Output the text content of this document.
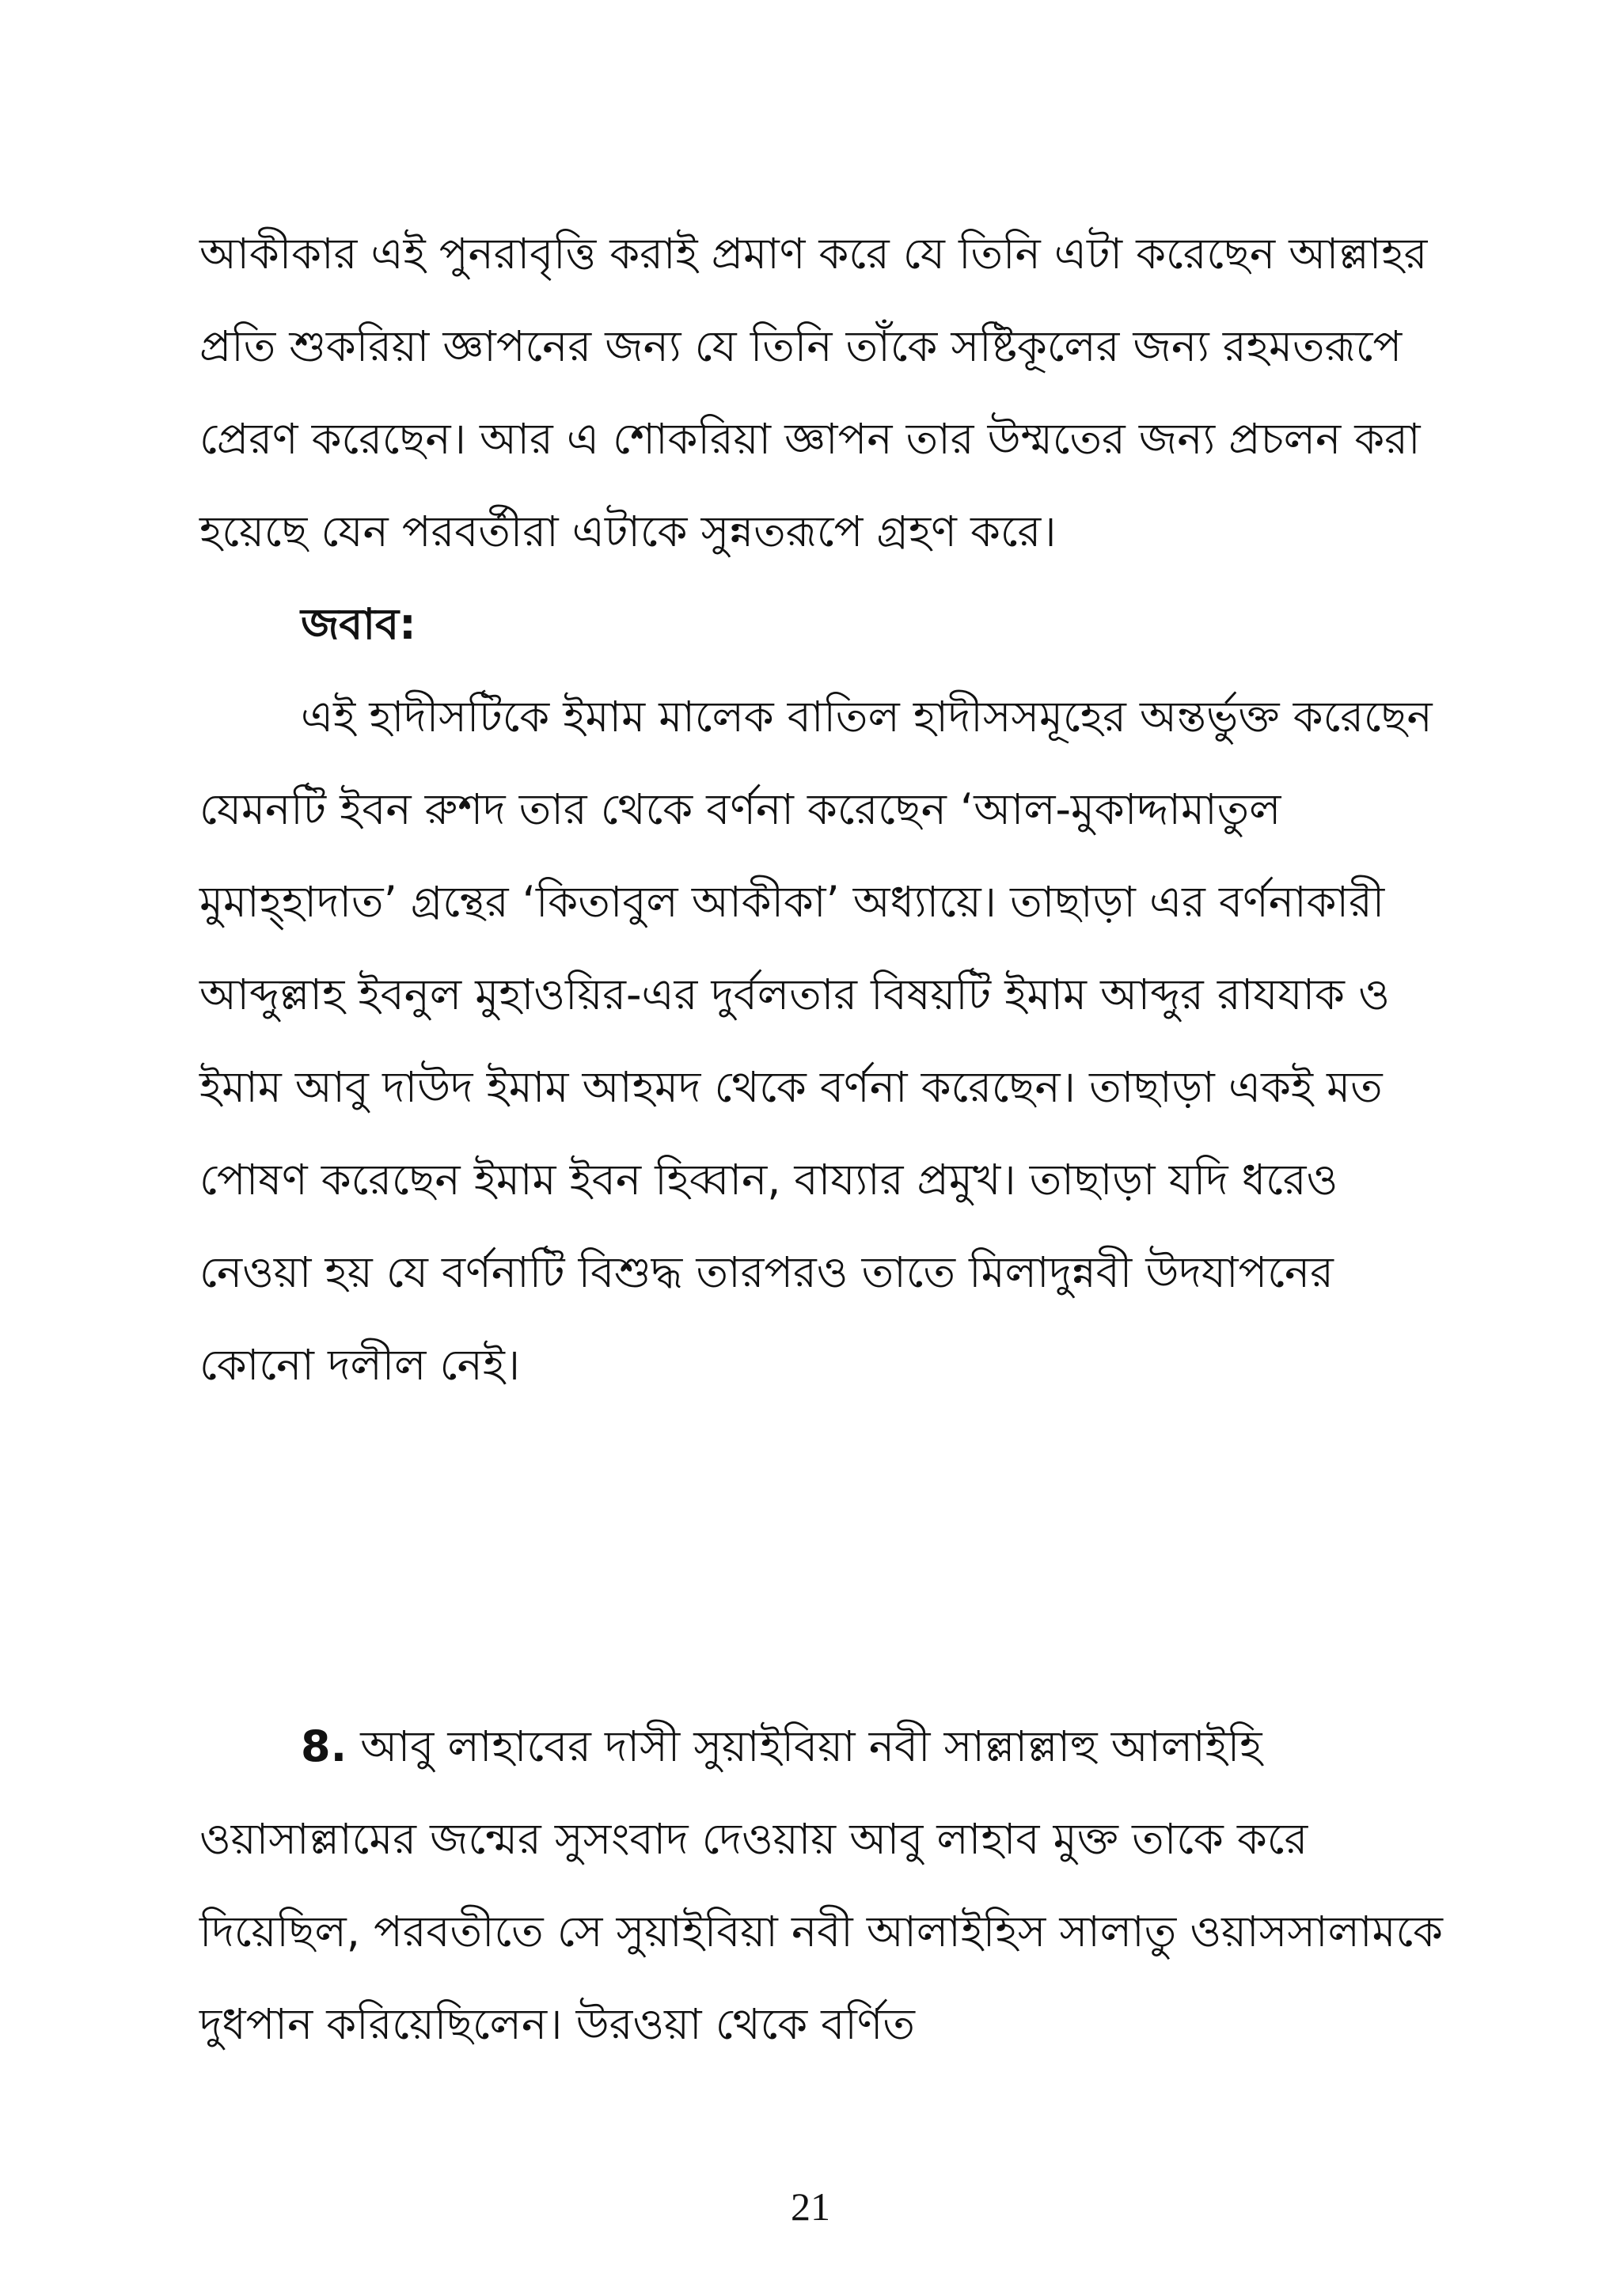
আকীকার এই পুনরাবৃত্তি করাই প্রমাণ করে যে তিনি এটা করেছেন আল্লাহর প্রতি শুকরিয়া জ্ঞাপনের জন্য যে তিনি তাঁকে সষ্টিকূলের জন্য রহমতরূপে প্রেরণ করেছেন। আর এ শোকরিয়া জ্ঞাপন তার উম্মতের জন্য প্রচলন করা হয়েছে যেন পরবর্তীরা এটাকে সুন্নতরূপে গ্রহণ করে।

জবাব:

এই হাদীসটিকে ইমাম মালেক বাতিল হাদীসসমূহের অন্তর্ভুক্ত করেছেন যেমনটি ইবন রুশদ তার থেকে বর্ণনা করেছেন ‘আল-মুকাদ্দামাতুল মুমাহ্হাদাত’ গ্রন্থের ‘কিতাবুল আকীকা’ অধ্যায়ে। তাছাড়া এর বর্ণনাকারী আব্দুল্লাহ ইবনুল মুহাওয়ির-এর দুর্বলতার বিষয়টি ইমাম আব্দুর রাযযাক ও ইমাম আবু দাউদ ইমাম আহমদ থেকে বর্ণনা করেছেন। তাছাড়া একই মত পোষণ করেছেন ইমাম ইবন হিব্বান, বায্যার প্রমুখ। তাছাড়া যদি ধরেও নেওয়া হয় যে বর্ণনাটি বিশুদ্ধ তারপরও তাতে মিলাদুন্নবী উদযাপনের কোনো দলীল নেই।

8. আবু লাহাবের দাসী সুয়াইবিয়া নবী সাল্লাল্লাহু আলাইহি ওয়াসাল্লামের জন্মের সুসংবাদ দেওয়ায় আবু লাহাব মুক্ত তাকে করে দিয়েছিল, পরবতীতে সে সুয়াইবিয়া নবী আলাইহিস সালাতু ওয়াসসালামকে দুধপান করিয়েছিলেন। উরওয়া থেকে বর্ণিত

21
